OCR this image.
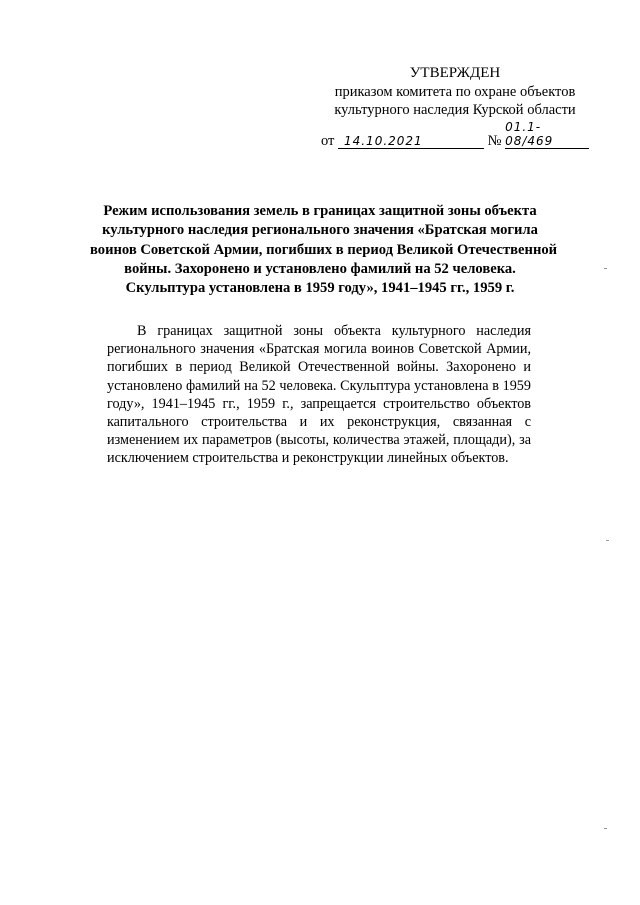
УТВЕРЖДЕН
приказом комитета по охране объектов
культурного наследия Курской области
от 14.10.2021	№ 01.1-08/469
Режим использования земель в границах защитной зоны объекта
культурного наследия регионального значения «Братская могила
воинов Советской Армии, погибших в период Великой Отечественной
войны. Захоронено и установлено фамилий на 52 человека.
Скульптура установлена в 1959 году», 1941–1945 гг., 1959 г.
В границах защитной зоны объекта культурного наследия регионального значения «Братская могила воинов Советской Армии, погибших в период Великой Отечественной войны. Захоронено и установлено фамилий на 52 человека. Скульптура установлена в 1959 году», 1941–1945 гг., 1959 г., запрещается строительство объектов капитального строительства и их реконструкция, связанная с изменением их параметров (высоты, количества этажей, площади), за исключением строительства и реконструкции линейных объектов.
